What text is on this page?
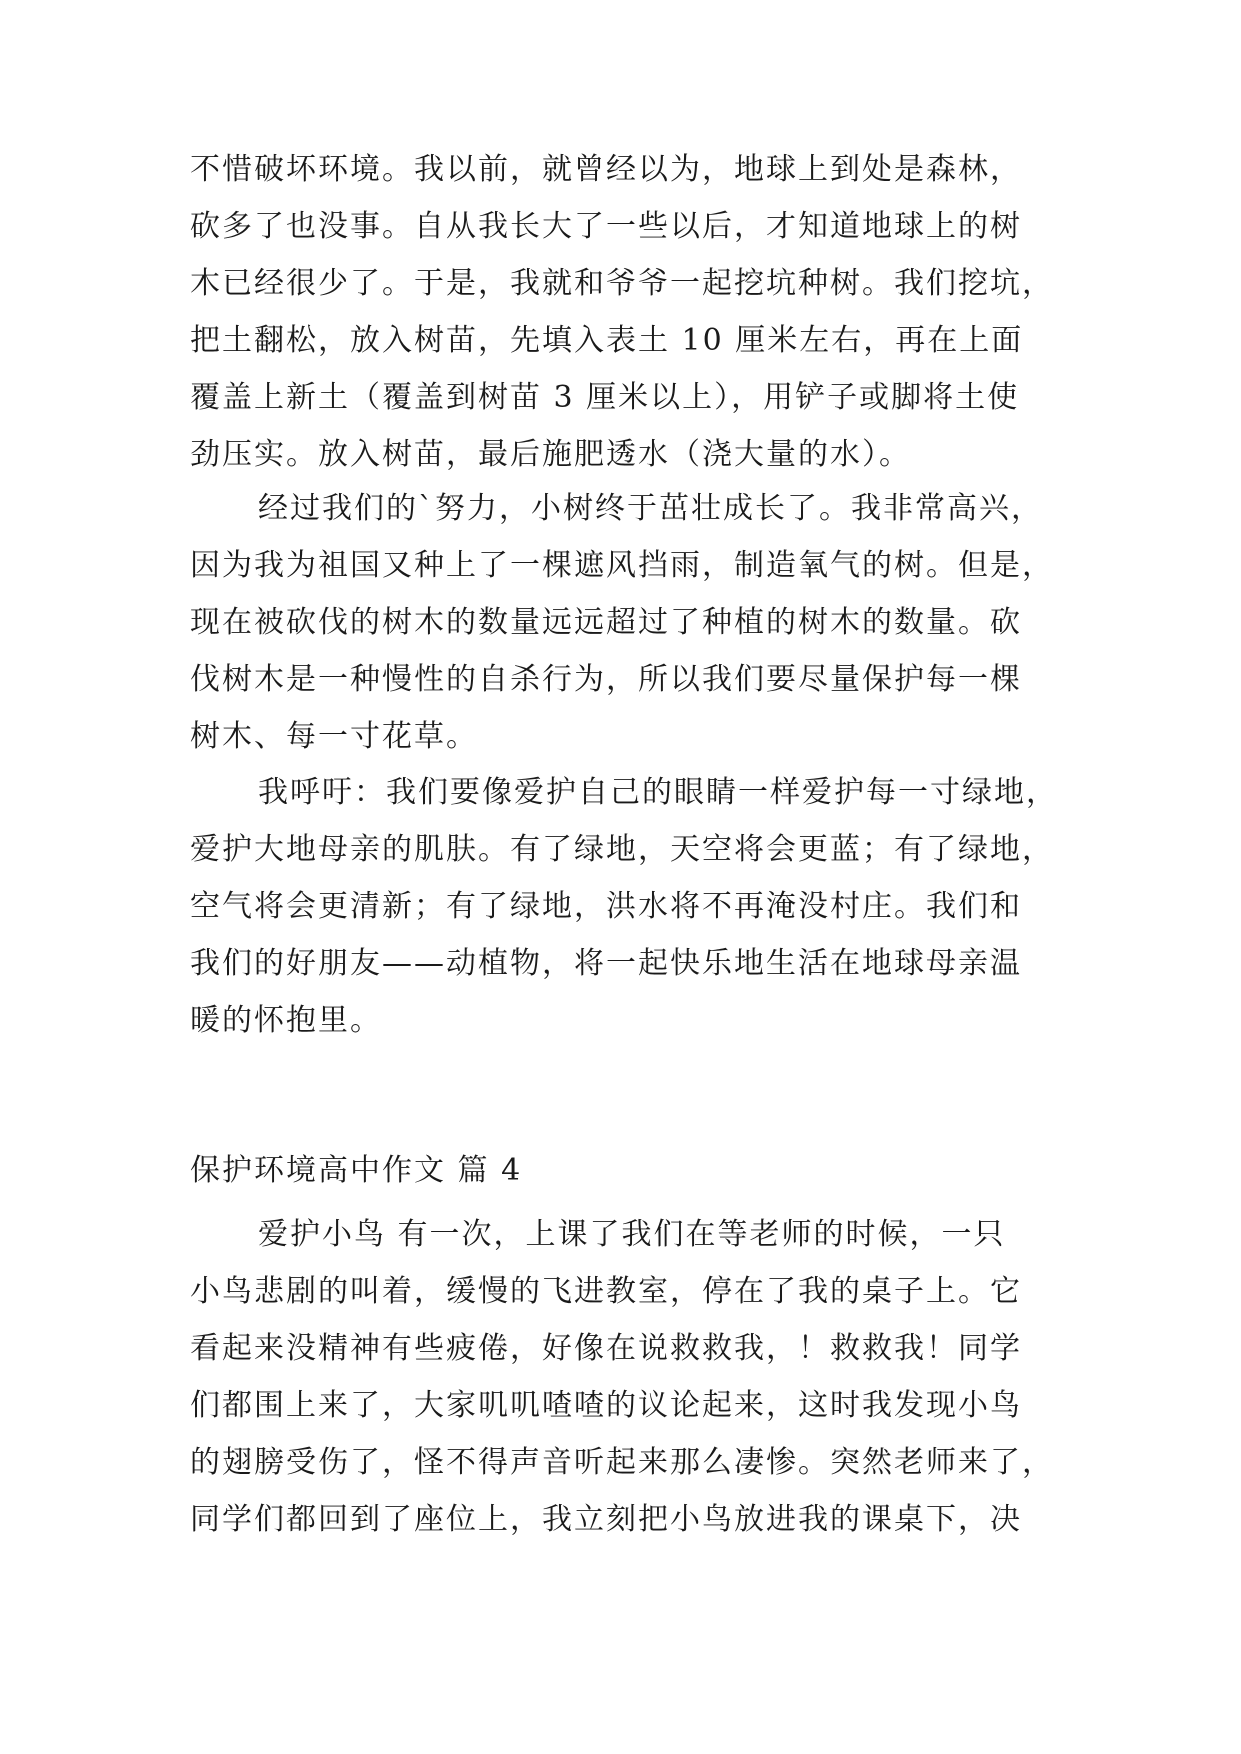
不惜破坏环境。我以前，就曾经以为，地球上到处是森林，
砍多了也没事。自从我长大了一些以后，才知道地球上的树
木已经很少了。于是，我就和爷爷一起挖坑种树。我们挖坑，
把土翻松，放入树苗，先填入表土 10 厘米左右，再在上面
覆盖上新土（覆盖到树苗 3 厘米以上），用铲子或脚将土使
劲压实。放入树苗，最后施肥透水（浇大量的水）。

经过我们的`努力，小树终于茁壮成长了。我非常高兴，
因为我为祖国又种上了一棵遮风挡雨，制造氧气的树。但是，
现在被砍伐的树木的数量远远超过了种植的树木的数量。砍
伐树木是一种慢性的自杀行为，所以我们要尽量保护每一棵
树木、每一寸花草。

我呼吁：我们要像爱护自己的眼睛一样爱护每一寸绿地，
爱护大地母亲的肌肤。有了绿地，天空将会更蓝；有了绿地，
空气将会更清新；有了绿地，洪水将不再淹没村庄。我们和
我们的好朋友——动植物，将一起快乐地生活在地球母亲温
暖的怀抱里。

保护环境高中作文 篇 4

爱护小鸟 有一次，上课了我们在等老师的时候，一只
小鸟悲剧的叫着，缓慢的飞进教室，停在了我的桌子上。它
看起来没精神有些疲倦，好像在说救救我，！救救我！同学
们都围上来了，大家叽叽喳喳的议论起来，这时我发现小鸟
的翅膀受伤了，怪不得声音听起来那么凄惨。突然老师来了，
同学们都回到了座位上，我立刻把小鸟放进我的课桌下，决
